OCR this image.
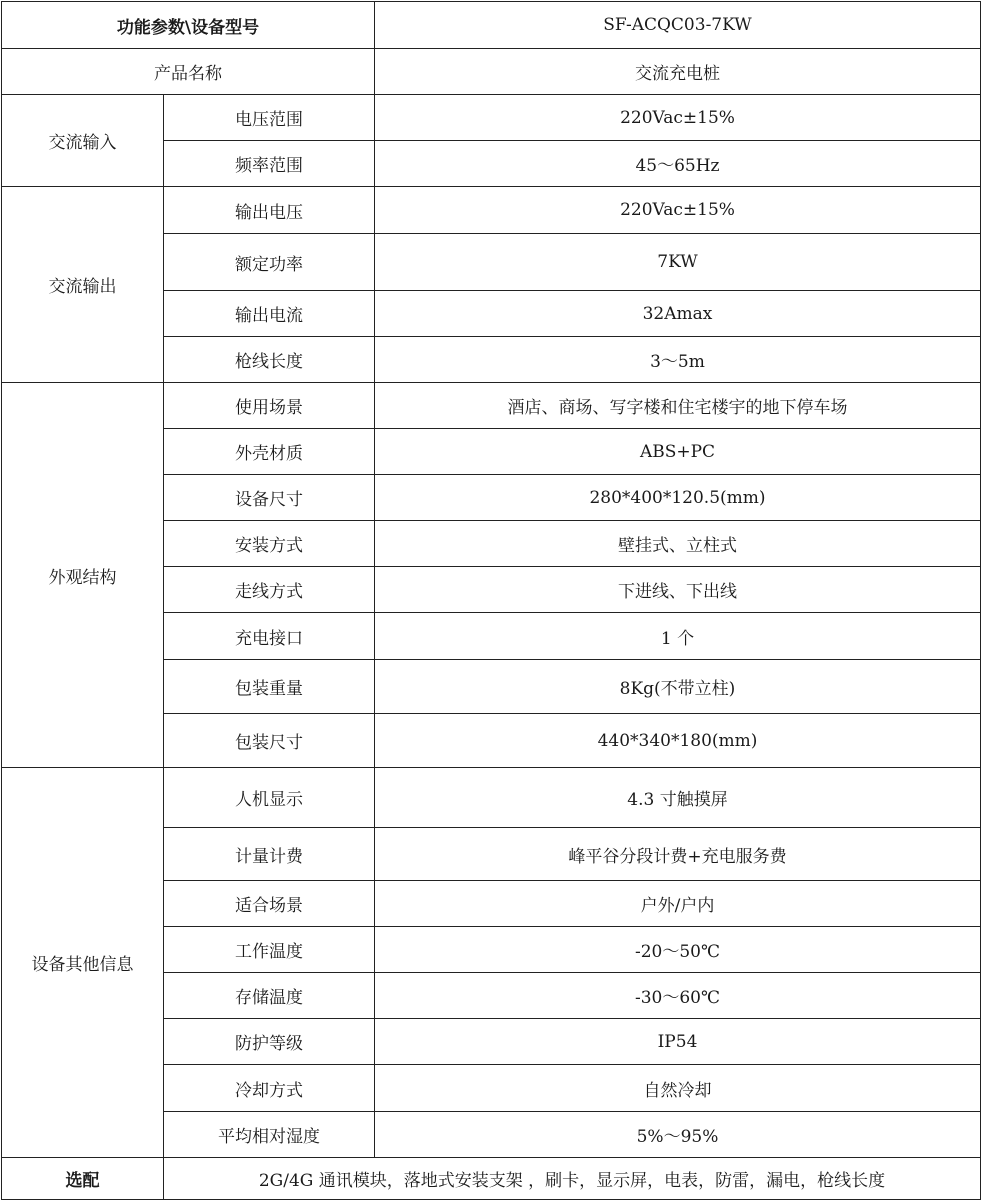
功能参数\设备型号		SF-ACQC03-7KW
产品名称		交流充电桩
交流输入	电压范围	220Vac±15%
	频率范围	45～65Hz
交流输出	输出电压	220Vac±15%
	额定功率	7KW
	输出电流	32Amax
	枪线长度	3～5m
外观结构	使用场景	酒店、商场、写字楼和住宅楼宇的地下停车场
	外壳材质	ABS+PC
	设备尺寸	280*400*120.5(mm)
	安装方式	壁挂式、立柱式
	走线方式	下进线、下出线
	充电接口	1 个
	包装重量	8Kg(不带立柱)
	包装尺寸	440*340*180(mm)
设备其他信息	人机显示	4.3 寸触摸屏
	计量计费	峰平谷分段计费+充电服务费
	适合场景	户外/户内
	工作温度	-20～50℃
	存储温度	-30～60℃
	防护等级	IP54
	冷却方式	自然冷却
	平均相对湿度	5%～95%
选配	2G/4G 通讯模块，落地式安装支架 ，刷卡，显示屏，电表，防雷，漏电，枪线长度	
